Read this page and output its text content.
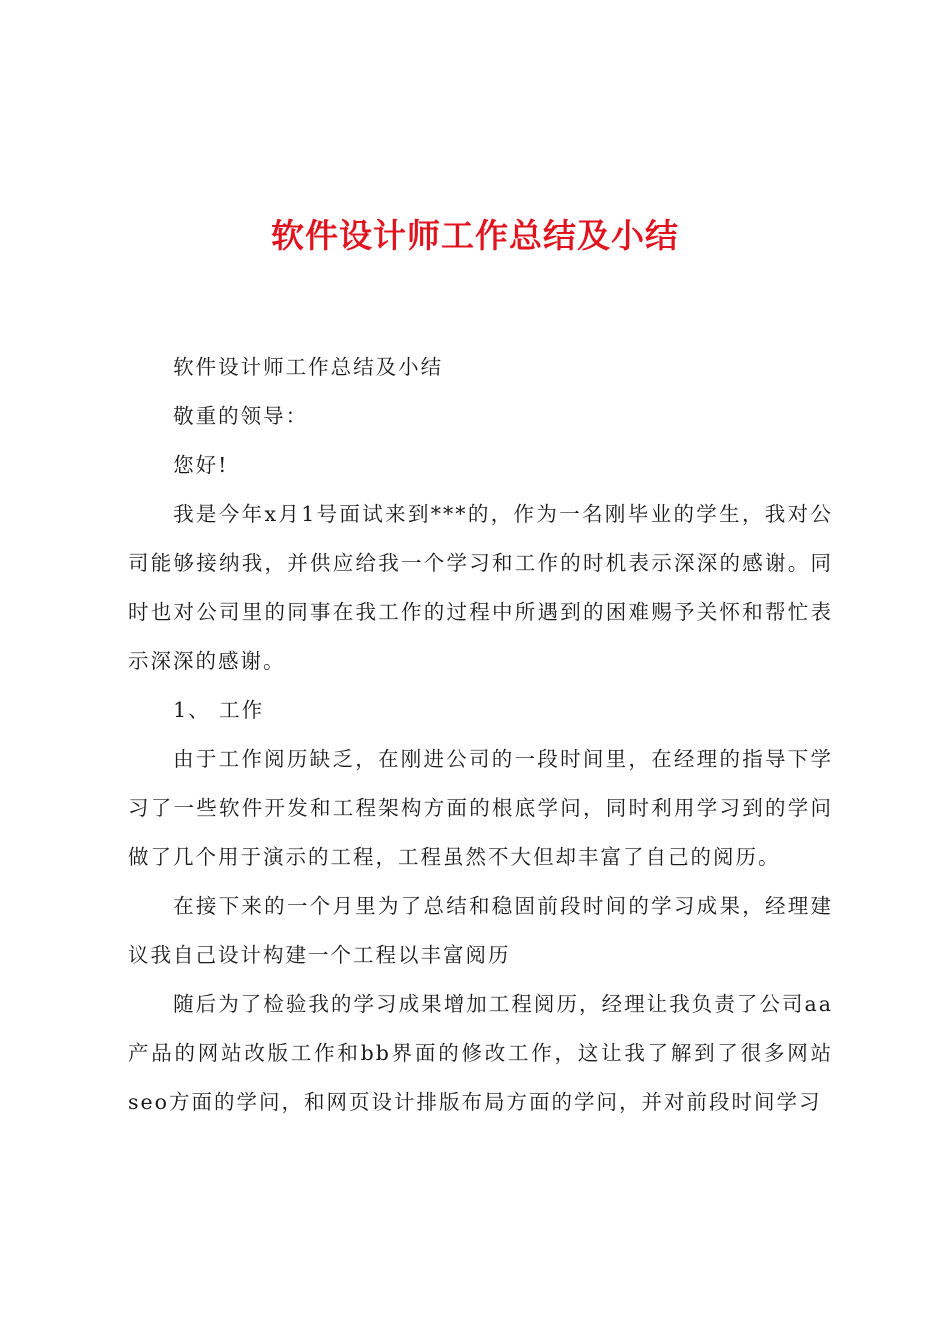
软件设计师工作总结及小结

软件设计师工作总结及小结

敬重的领导：

您好!

我是今年x月1号面试来到***的，作为一名刚毕业的学生，我对公司能够接纳我，并供应给我一个学习和工作的时机表示深深的感谢。同时也对公司里的同事在我工作的过程中所遇到的困难赐予关怀和帮忙表示深深的感谢。

1、 工作

由于工作阅历缺乏，在刚进公司的一段时间里，在经理的指导下学习了一些软件开发和工程架构方面的根底学问，同时利用学习到的学问做了几个用于演示的工程，工程虽然不大但却丰富了自己的阅历。

在接下来的一个月里为了总结和稳固前段时间的学习成果，经理建议我自己设计构建一个工程以丰富阅历

随后为了检验我的学习成果增加工程阅历，经理让我负责了公司aa产品的网站改版工作和bb界面的修改工作，这让我了解到了很多网站seo方面的学问，和网页设计排版布局方面的学问，并对前段时间学习
